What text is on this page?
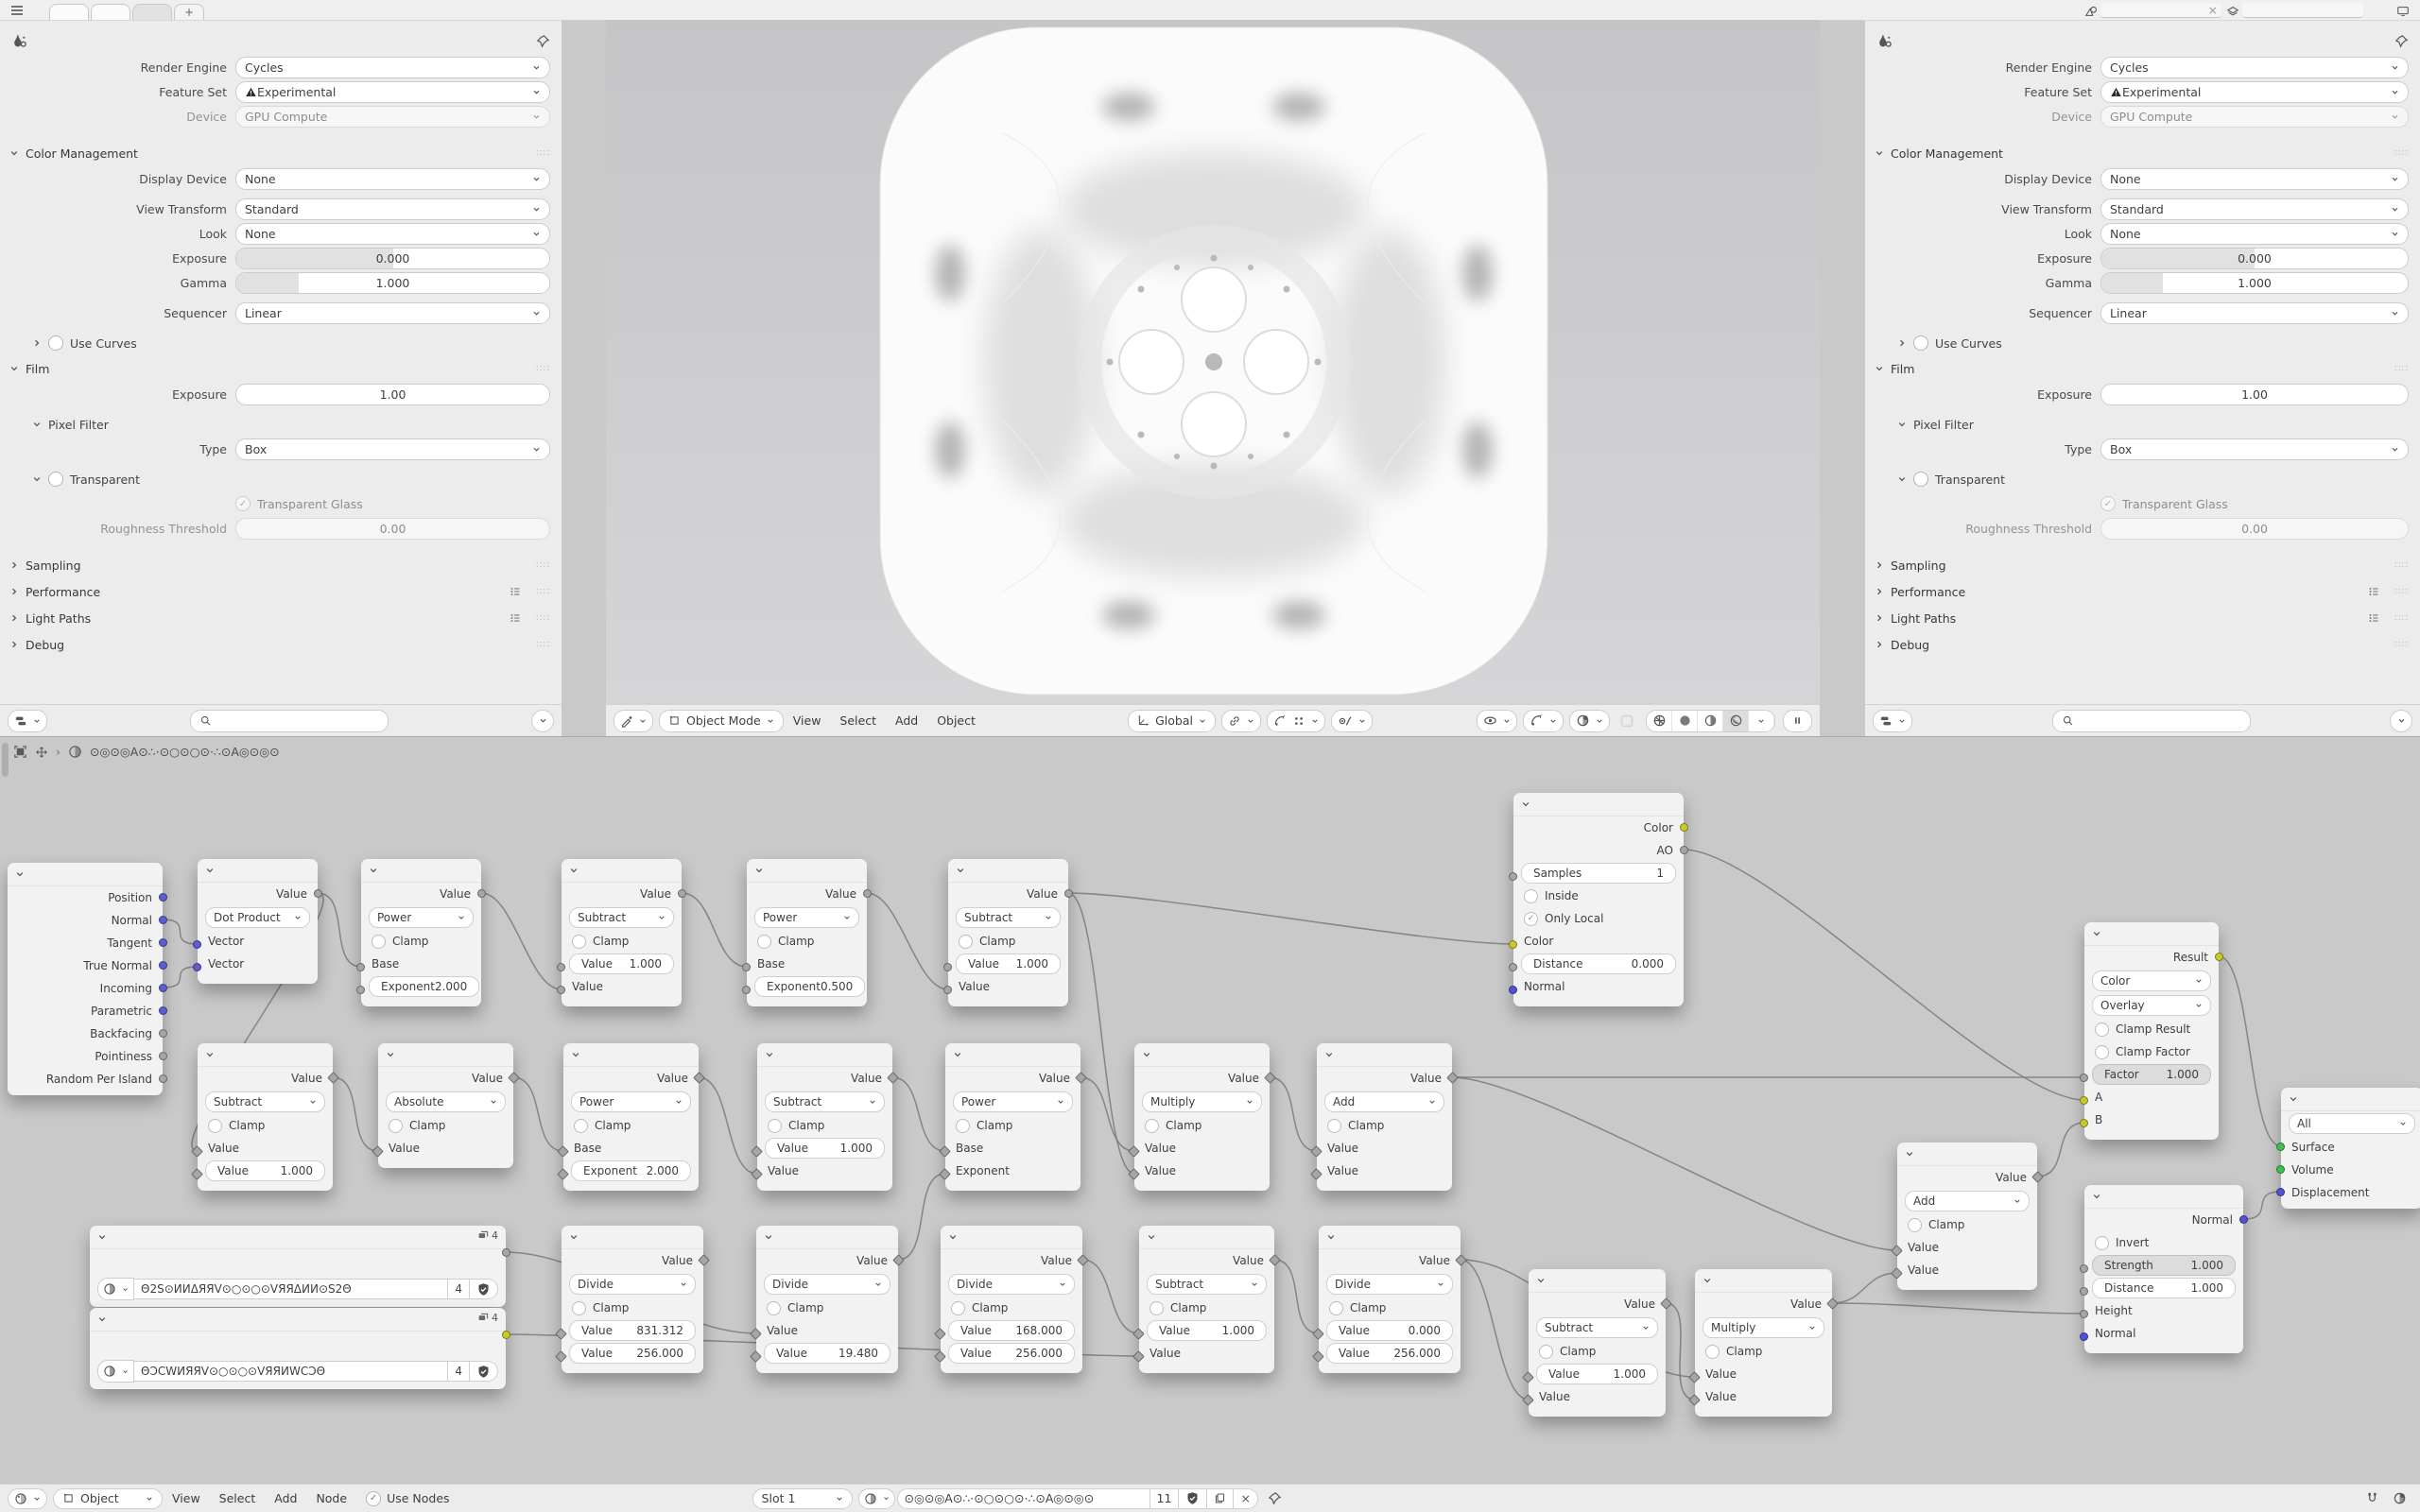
+	×
Render Engine	Cycles
Feature Set	Experimental
Device	GPU Compute
Color Management	∷∷
Display Device	None
View Transform	Standard
Look	None
Exposure	0.000
Gamma	1.000
Sequencer	Linear
Use Curves
Film	∷∷
Exposure	1.00
Pixel Filter
Type	Box
Transparent
✓ Transparent Glass
Roughness Threshold	0.00
Sampling	∷∷
Performance	∷∷
Light Paths	∷∷
Debug	∷∷
Object Mode	View	Select	Add	Object	Global
Render Engine	Cycles
Feature Set	Experimental
Device	GPU Compute
Color Management	∷∷
Display Device	None
View Transform	Standard
Look	None
Exposure	0.000
Gamma	1.000
Sequencer	Linear
Use Curves
Film	∷∷
Exposure	1.00
Pixel Filter
Type	Box
Transparent
✓ Transparent Glass
Roughness Threshold	0.00
Sampling	∷∷
Performance	∷∷
Light Paths	∷∷
Debug	∷∷
› ⊙◎⊙◎A⊙∴·⊙○⊙○⊙·∴⊙A◎⊙◎⊙
Position
Normal
Tangent
True Normal
Incoming
Parametric
Backfacing
Pointiness
Random Per Island
Value
Dot Product
Vector
Vector
Value
Power
Clamp
Base
Exponent 2.000
Value
Subtract
Clamp
Value 1.000
Value
Value
Power
Clamp
Base
Exponent 0.500
Value
Subtract
Clamp
Value 1.000
Value
Value
Subtract
Clamp
Value
Value	1.000
Value
Absolute
Clamp
Value
Value
Power
Clamp
Base
Exponent 2.000
Value
Subtract
Clamp
Value	1.000
Value
Value
Power
Clamp
Base
Exponent
Value
Multiply
Clamp
Value
Value
Value
Add
Clamp
Value
Value
4
Θ2S⊙ИИΔЯЯV⊙○⊙○⊙VЯЯΔИИ⊙S2Θ	4
4
ΘƆCWИЯЯV⊙○⊙○⊙VЯЯИWCƆΘ	4
Value
Divide
Clamp
Value 831.312
Value 256.000
Value
Divide
Clamp
Value
Value	19.480
Value
Divide
Clamp
Value 168.000
Value 256.000
Value
Subtract
Clamp
Value	1.000
Value
Value
Divide
Clamp
Value	0.000
Value 256.000
Value
Subtract
Clamp
Value	1.000
Value
Value
Multiply
Clamp
Value
Value
Color
AO
Samples	1
Inside
✓ Only Local
Color
Distance	0.000
Normal
Value
Add
Clamp
Value
Value
Result
Color
Overlay
Clamp Result
Clamp Factor
Factor 1.000
A
B
Normal
Invert
Strength	1.000
Distance	1.000
Height
Normal
All
Surface
Volume
Displacement
Object	View	Select	Add	Node	✓ Use Nodes	Slot 1	⊙◎⊙◎A⊙∴·⊙○⊙○⊙·∴⊙A◎⊙◎⊙	11	×
